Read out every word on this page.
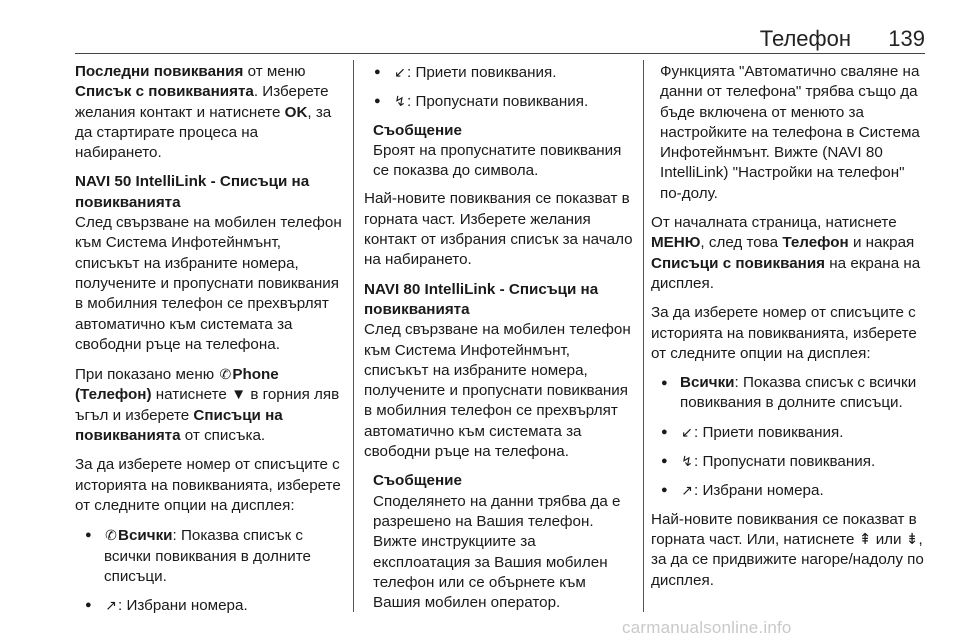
Телефон 139

Последни повиквания от меню Списък с повикванията. Изберете желания контакт и натиснете OK, за да стартирате процеса на набирането.

NAVI 50 IntelliLink - Списъци на повикванията

След свързване на мобилен телефон към Система Инфотейнмънт, списъкът на избраните номера, получените и пропуснати повиквания в мобилния телефон се прехвърлят автоматично към системата за свободни ръце на телефона.

При показано меню ✆Phone (Телефон) натиснете ▼ в горния ляв ъгъл и изберете Списъци на повикванията от списъка.

За да изберете номер от списъците с историята на повикванията, изберете от следните опции на дисплея:

● ✆Всички: Показва списък с всички повиквания в долните списъци.
● ↗: Избрани номера.
● ↙: Приети повиквания.
● ↯: Пропуснати повиквания.
Съобщение
Броят на пропуснатите повиквания се показва до символа.

Най-новите повиквания се показват в горната част. Изберете желания контакт от избрания списък за начало на набирането.

NAVI 80 IntelliLink - Списъци на повикванията

След свързване на мобилен телефон към Система Инфотейнмънт, списъкът на избраните номера, получените и пропуснати повиквания в мобилния телефон се прехвърлят автоматично към системата за свободни ръце на телефона.

Съобщение
Споделянето на данни трябва да е разрешено на Вашия телефон. Вижте инструкциите за експлоатация за Вашия мобилен телефон или се обърнете към Вашия мобилен оператор.

Функцията "Автоматично сваляне на данни от телефона" трябва също да бъде включена от менюто за настройките на телефона в Система Инфотейнмънт. Вижте (NAVI 80 IntelliLink) "Настройки на телефон" по-долу.

От началната страница, натиснете МЕНЮ, след това Телефон и накрая Списъци с повиквания на екрана на дисплея.

За да изберете номер от списъците с историята на повикванията, изберете от следните опции на дисплея:

● Всички: Показва списък с всички повиквания в долните списъци.
● ↙: Приети повиквания.
● ↯: Пропуснати повиквания.
● ↗: Избрани номера.

Най-новите повиквания се показват в горната част. Или, натиснете ⇞ или ⇟, за да се придвижите нагоре/надолу по дисплея.

carmanualsonline.info
